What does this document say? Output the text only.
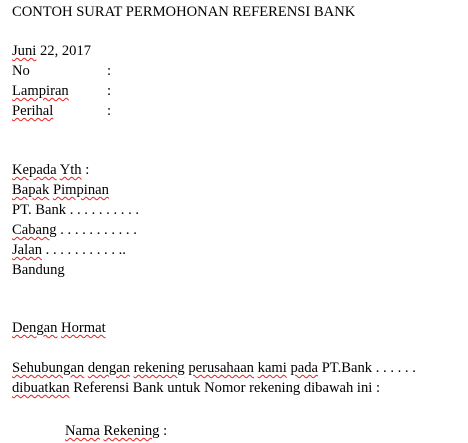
CONTOH SURAT PERMOHONAN REFERENSI BANK
Juni 22, 2017
No	:
Lampiran	:
Perihal	:
Kepada Yth :
Bapak Pimpinan
PT. Bank . . . . . . . . . .
Cabang . . . . . . . . . . .
Jalan . . . . . . . . . . ..
Bandung
Dengan Hormat
Sehubungan dengan rekening perusahaan kami pada PT.Bank . . . . . .
dibuatkan Referensi Bank untuk Nomor rekening dibawah ini :
Nama Rekening :
